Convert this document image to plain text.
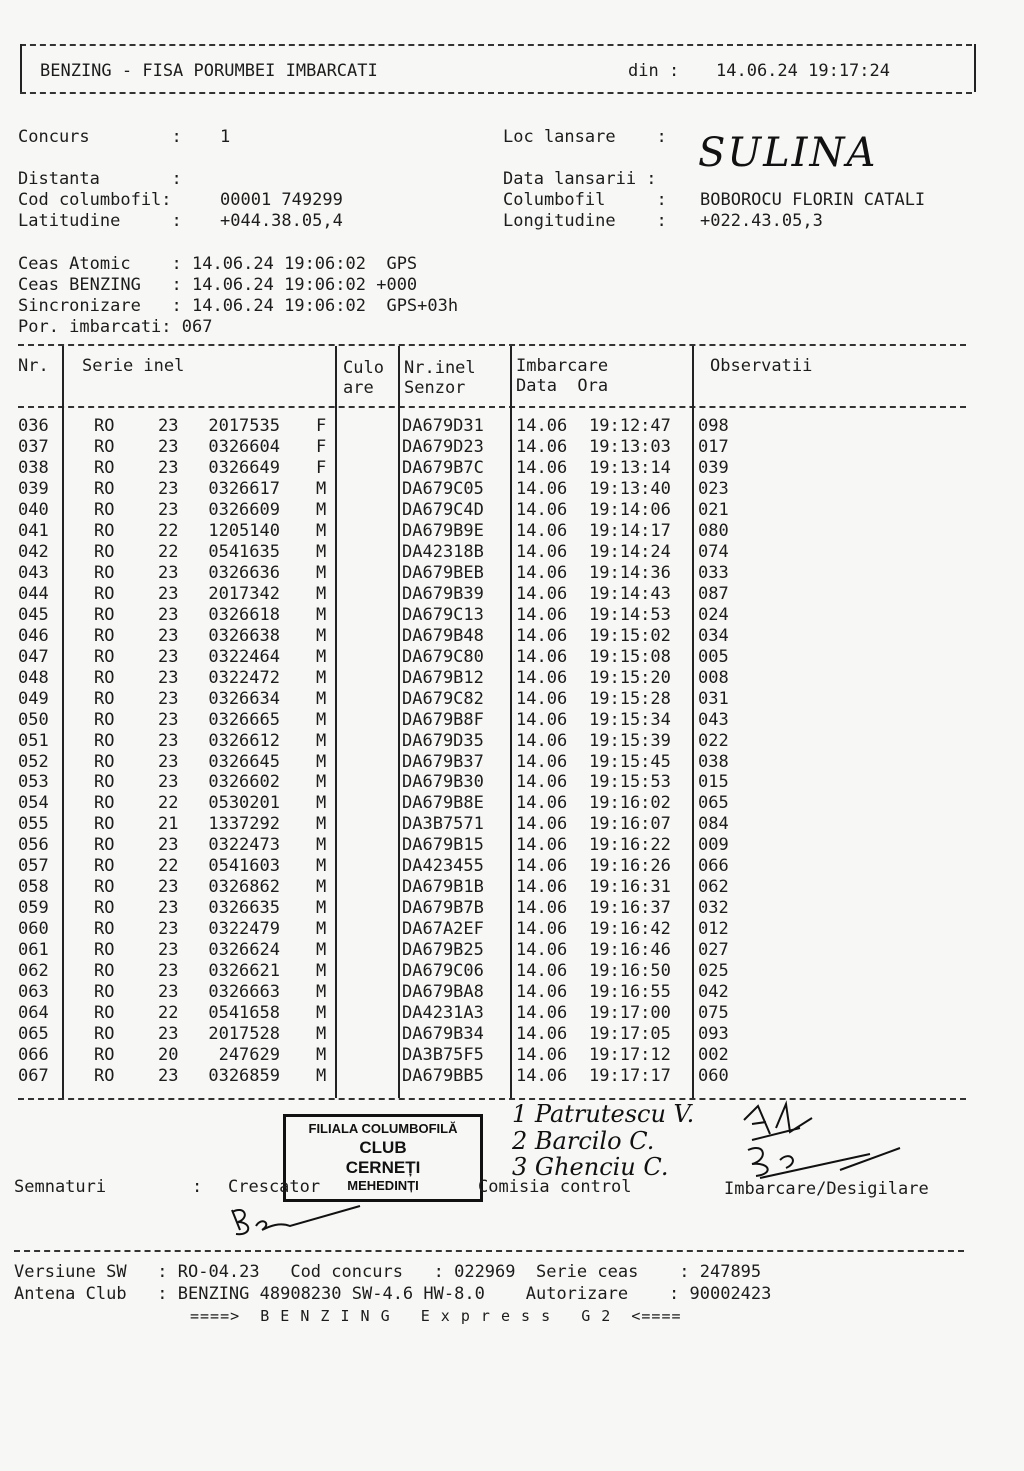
BENZING - FISA PORUMBEI IMBARCATI	din : 14.06.24 19:17:24
Concurs        : 1
Distanta       :
Cod columbofil:	00001 749299
Latitudine     : +044.38.05,4
Loc lansare    : SULINA
Data lansarii :
Columbofil     : BOBOROCU FLORIN CATALI
Longitudine    : +022.43.05,3
Ceas Atomic    : 14.06.24 19:06:02  GPS
Ceas BENZING   : 14.06.24 19:06:02 +000
Sincronizare   : 14.06.24 19:06:02  GPS+03h
Por. imbarcati: 067
Nr. Serie inel	Culo
are
Nr.inel
Senzor
Imbarcare
Data  Ora
Observatii
036	RO	23 2017535 F	DA679D31 14.06 19:12:47 098
037	RO	23 0326604 F	DA679D23 14.06 19:13:03 017
038	RO	23 0326649 F	DA679B7C 14.06 19:13:14 039
039	RO	23 0326617 M	DA679C05 14.06 19:13:40 023
040	RO	23 0326609 M	DA679C4D 14.06 19:14:06 021
041	RO	22 1205140 M	DA679B9E 14.06 19:14:17 080
042	RO	22 0541635 M	DA42318B 14.06 19:14:24 074
043	RO	23 0326636 M	DA679BEB 14.06 19:14:36 033
044	RO	23 2017342 M	DA679B39 14.06 19:14:43 087
045	RO	23 0326618 M	DA679C13 14.06 19:14:53 024
046	RO	23 0326638 M	DA679B48 14.06 19:15:02 034
047	RO	23 0322464 M	DA679C80 14.06 19:15:08 005
048	RO	23 0322472 M	DA679B12 14.06 19:15:20 008
049	RO	23 0326634 M	DA679C82 14.06 19:15:28 031
050	RO	23 0326665 M	DA679B8F 14.06 19:15:34 043
051	RO	23 0326612 M	DA679D35 14.06 19:15:39 022
052	RO	23 0326645 M	DA679B37 14.06 19:15:45 038
053	RO	23 0326602 M	DA679B30 14.06 19:15:53 015
054	RO	22 0530201 M	DA679B8E 14.06 19:16:02 065
055	RO	21 1337292 M	DA3B7571 14.06 19:16:07 084
056	RO	23 0322473 M	DA679B15 14.06 19:16:22 009
057	RO	22 0541603 M	DA423455 14.06 19:16:26 066
058	RO	23 0326862 M	DA679B1B 14.06 19:16:31 062
059	RO	23 0326635 M	DA679B7B 14.06 19:16:37 032
060	RO	23 0322479 M	DA67A2EF 14.06 19:16:42 012
061	RO	23 0326624 M	DA679B25 14.06 19:16:46 027
062	RO	23 0326621 M	DA679C06 14.06 19:16:50 025
063	RO	23 0326663 M	DA679BA8 14.06 19:16:55 042
064	RO	22 0541658 M	DA4231A3 14.06 19:17:00 075
065	RO	23 2017528 M	DA679B34 14.06 19:17:05 093
066	RO	20 247629 M	DA3B75F5 14.06 19:17:12 002
067	RO	23 0326859 M	DA679BB5 14.06 19:17:17 060
FILIALA COLUMBOFILĂ
CLUB
CERNEȚI
MEHEDINȚI
Semnaturi	: Crescator	Comisia control	Imbarcare/Desigilare
1 Patrutescu V.
2 Barcilo C.
3 Ghenciu C.
Versiune SW   : RO-04.23   Cod concurs   : 022969  Serie ceas    : 247895
Antena Club   : BENZING 48908230 SW-4.6 HW-8.0    Autorizare    : 90002423
====>  B E N Z I N G   E x p r e s s   G 2  <====
